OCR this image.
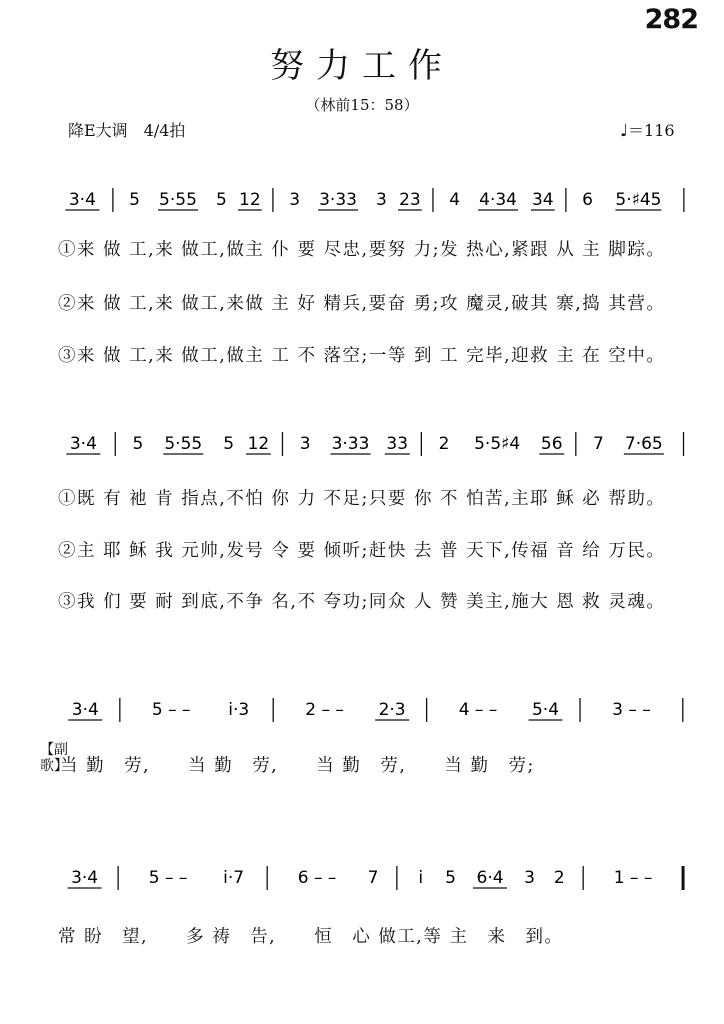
282
努力工作
（林前15：58）
降E大调　4/4拍	♩＝116
3·4 5 5·55 5 12 3 3·33 3 23 4 4·34 34 6 5·♯45
①来 做 工,来 做工,做主 仆 要 尽忠,要努 力;发 热心,紧跟 从 主 脚踪。
②来 做 工,来 做工,来做 主 好 精兵,要奋 勇;攻 魔灵,破其 寨,捣 其营。
③来 做 工,来 做工,做主 工 不 落空;一等 到 工 完毕,迎救 主 在 空中。
3·4 5 5·55 5 12 3 3·33 33 2 5·5♯4 56 7 7·65
①既 有 祂 肯 指点,不怕 你 力 不足;只要 你 不 怕苦,主耶 稣 必 帮助。
②主 耶 稣 我 元帅,发号 令 要 倾听;赶快 去 普 天下,传福 音 给 万民。
③我 们 要 耐 到底,不争 名,不 夸功;同众 人 赞 美主,施大 恩 救 灵魂。
3·4	5 – – i·3	2 – – 2·3	4 – – 5·4	3 – –
【副歌】
当 勤　劳,　　当 勤　劳,　　当 勤　劳,　　当 勤　劳;
3·4	5 – – i·7	6 – – 7 i 5 6·4 3 2	1 – –
常 盼　望,　　多 祷　告,　　恒　心 做工,等 主　来　到。
